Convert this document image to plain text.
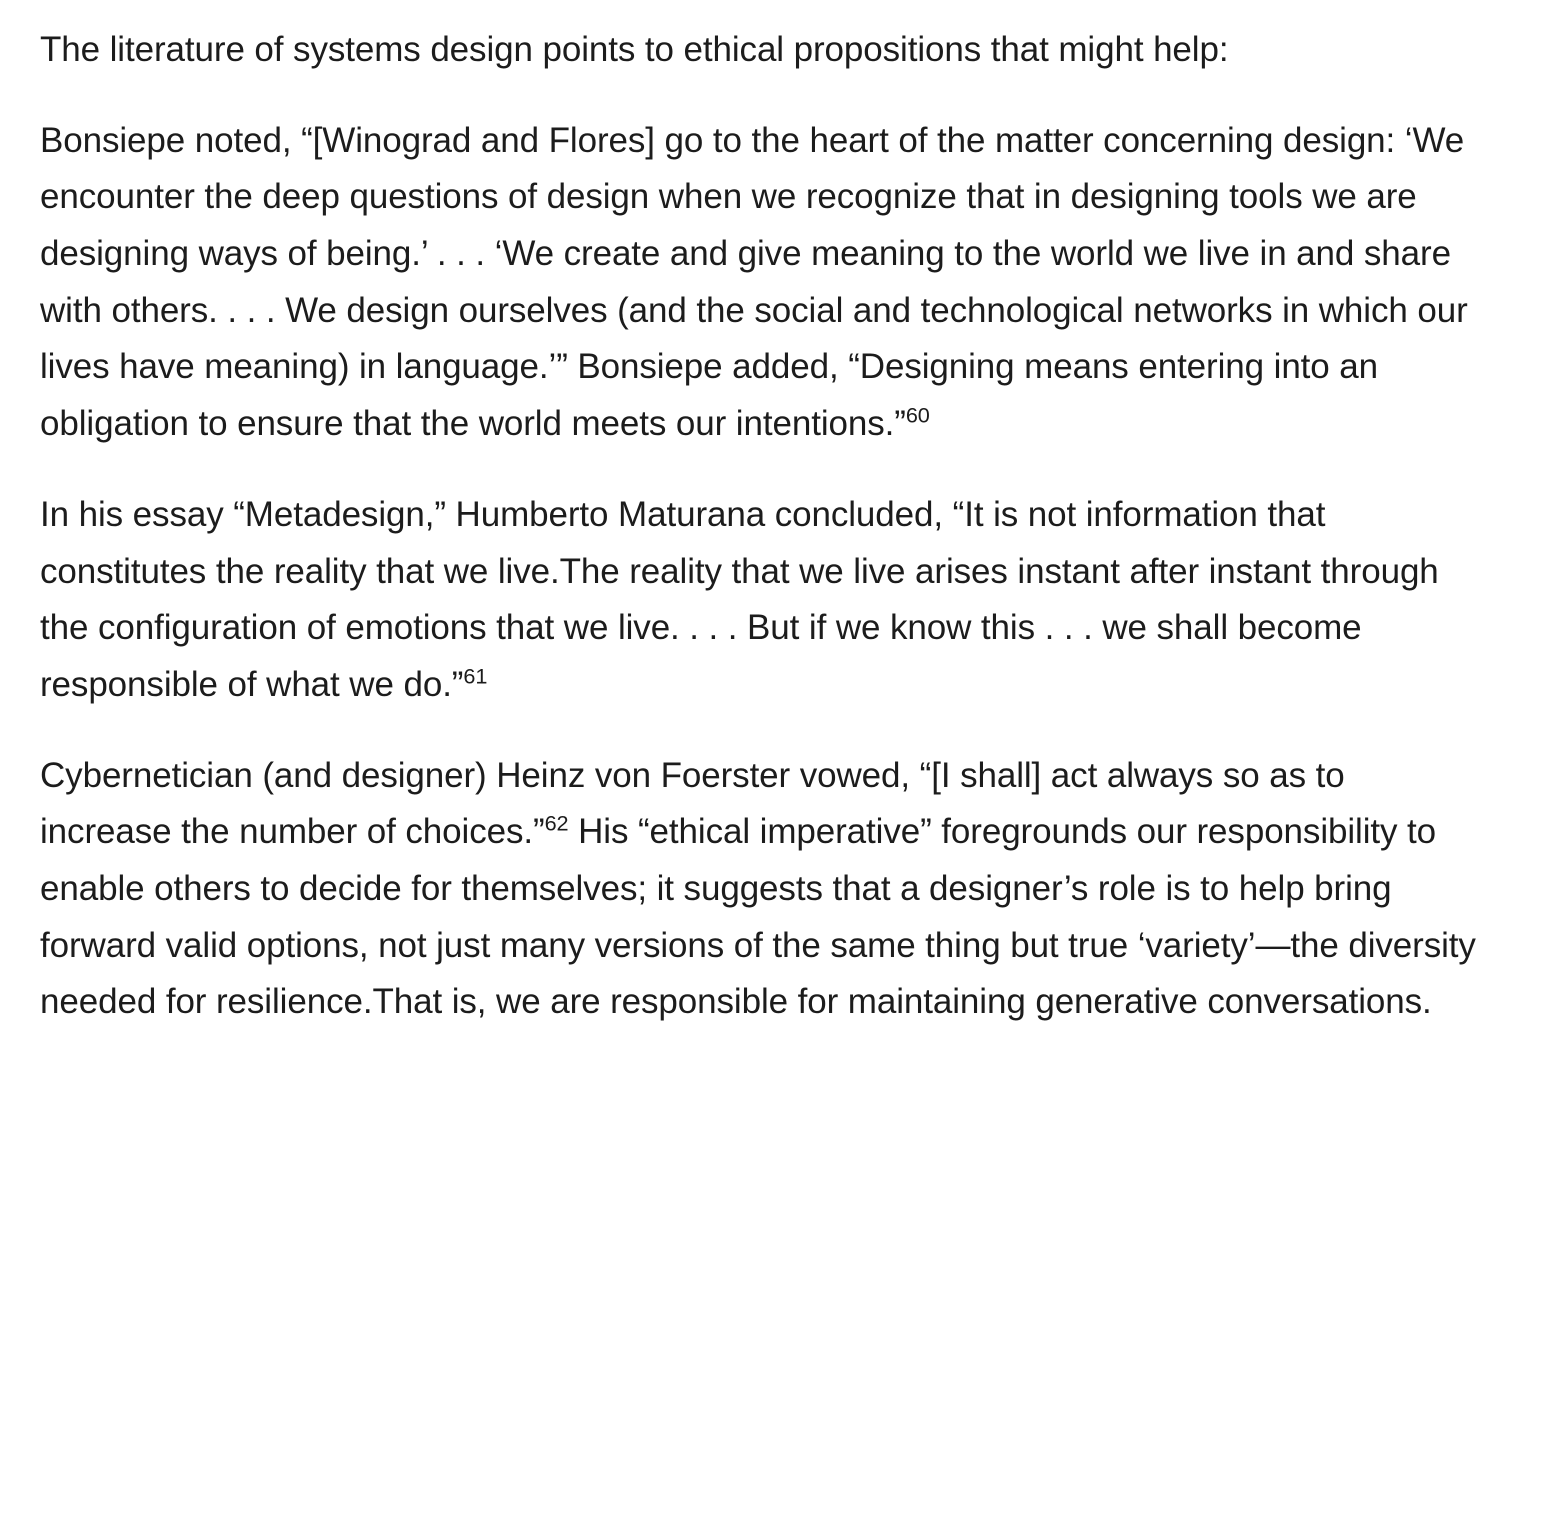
The literature of systems design points to ethical propositions that might help:

Bonsiepe noted, “[Winograd and Flores] go to the heart of the matter concerning design: ‘We encounter the deep questions of design when we recognize that in designing tools we are designing ways of being.’ . . . ‘We create and give meaning to the world we live in and share with others. . . . We design ourselves (and the social and technological networks in which our lives have meaning) in language.’” Bonsiepe added, “Designing means entering into an obligation to ensure that the world meets our intentions.”$^{60}$

In his essay “Metadesign,” Humberto Maturana concluded, “It is not information that constitutes the reality that we live.The reality that we live arises instant after instant through the configuration of emotions that we live. . . . But if we know this . . . we shall become responsible of what we do.”$^{61}$

Cybernetician (and designer) Heinz von Foerster vowed, “[I shall] act always so as to increase the number of choices.”$^{62}$ His “ethical imperative” foregrounds our responsibility to enable others to decide for themselves; it suggests that a designer’s role is to help bring forward valid options, not just many versions of the same thing but true ‘variety’—the diversity needed for resilience.That is, we are responsible for maintaining generative conversations.
